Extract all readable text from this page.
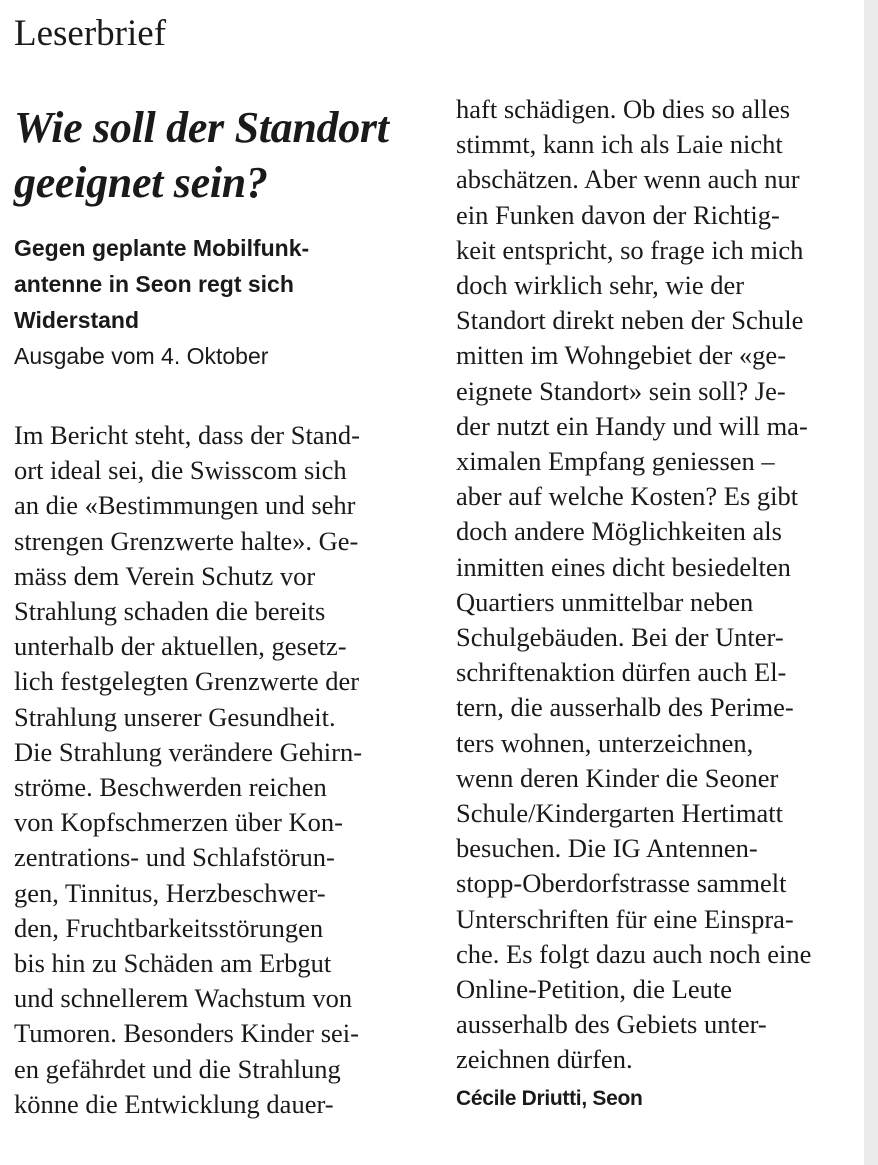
Leserbrief
Wie soll der Standort
geeignet sein?
Gegen geplante Mobilfunk-
antenne in Seon regt sich
Widerstand
Ausgabe vom 4. Oktober
Im Bericht steht, dass der Stand-
ort ideal sei, die Swisscom sich
an die «Bestimmungen und sehr
strengen Grenzwerte halte». Ge-
mäss dem Verein Schutz vor
Strahlung schaden die bereits
unterhalb der aktuellen, gesetz-
lich festgelegten Grenzwerte der
Strahlung unserer Gesundheit.
Die Strahlung verändere Gehirn-
ströme. Beschwerden reichen
von Kopfschmerzen über Kon-
zentrations- und Schlafstörun-
gen, Tinnitus, Herzbeschwer-
den, Fruchtbarkeitsstörungen
bis hin zu Schäden am Erbgut
und schnellerem Wachstum von
Tumoren. Besonders Kinder sei-
en gefährdet und die Strahlung
könne die Entwicklung dauer-
haft schädigen. Ob dies so alles
stimmt, kann ich als Laie nicht
abschätzen. Aber wenn auch nur
ein Funken davon der Richtig-
keit entspricht, so frage ich mich
doch wirklich sehr, wie der
Standort direkt neben der Schule
mitten im Wohngebiet der «ge-
eignete Standort» sein soll? Je-
der nutzt ein Handy und will ma-
ximalen Empfang geniessen –
aber auf welche Kosten? Es gibt
doch andere Möglichkeiten als
inmitten eines dicht besiedelten
Quartiers unmittelbar neben
Schulgebäuden. Bei der Unter-
schriftenaktion dürfen auch El-
tern, die ausserhalb des Perime-
ters wohnen, unterzeichnen,
wenn deren Kinder die Seoner
Schule/Kindergarten Hertimatt
besuchen. Die IG Antennen-
stopp-Oberdorfstrasse sammelt
Unterschriften für eine Einspra-
che. Es folgt dazu auch noch eine
Online-Petition, die Leute
ausserhalb des Gebiets unter-
zeichnen dürfen.
Cécile Driutti, Seon
